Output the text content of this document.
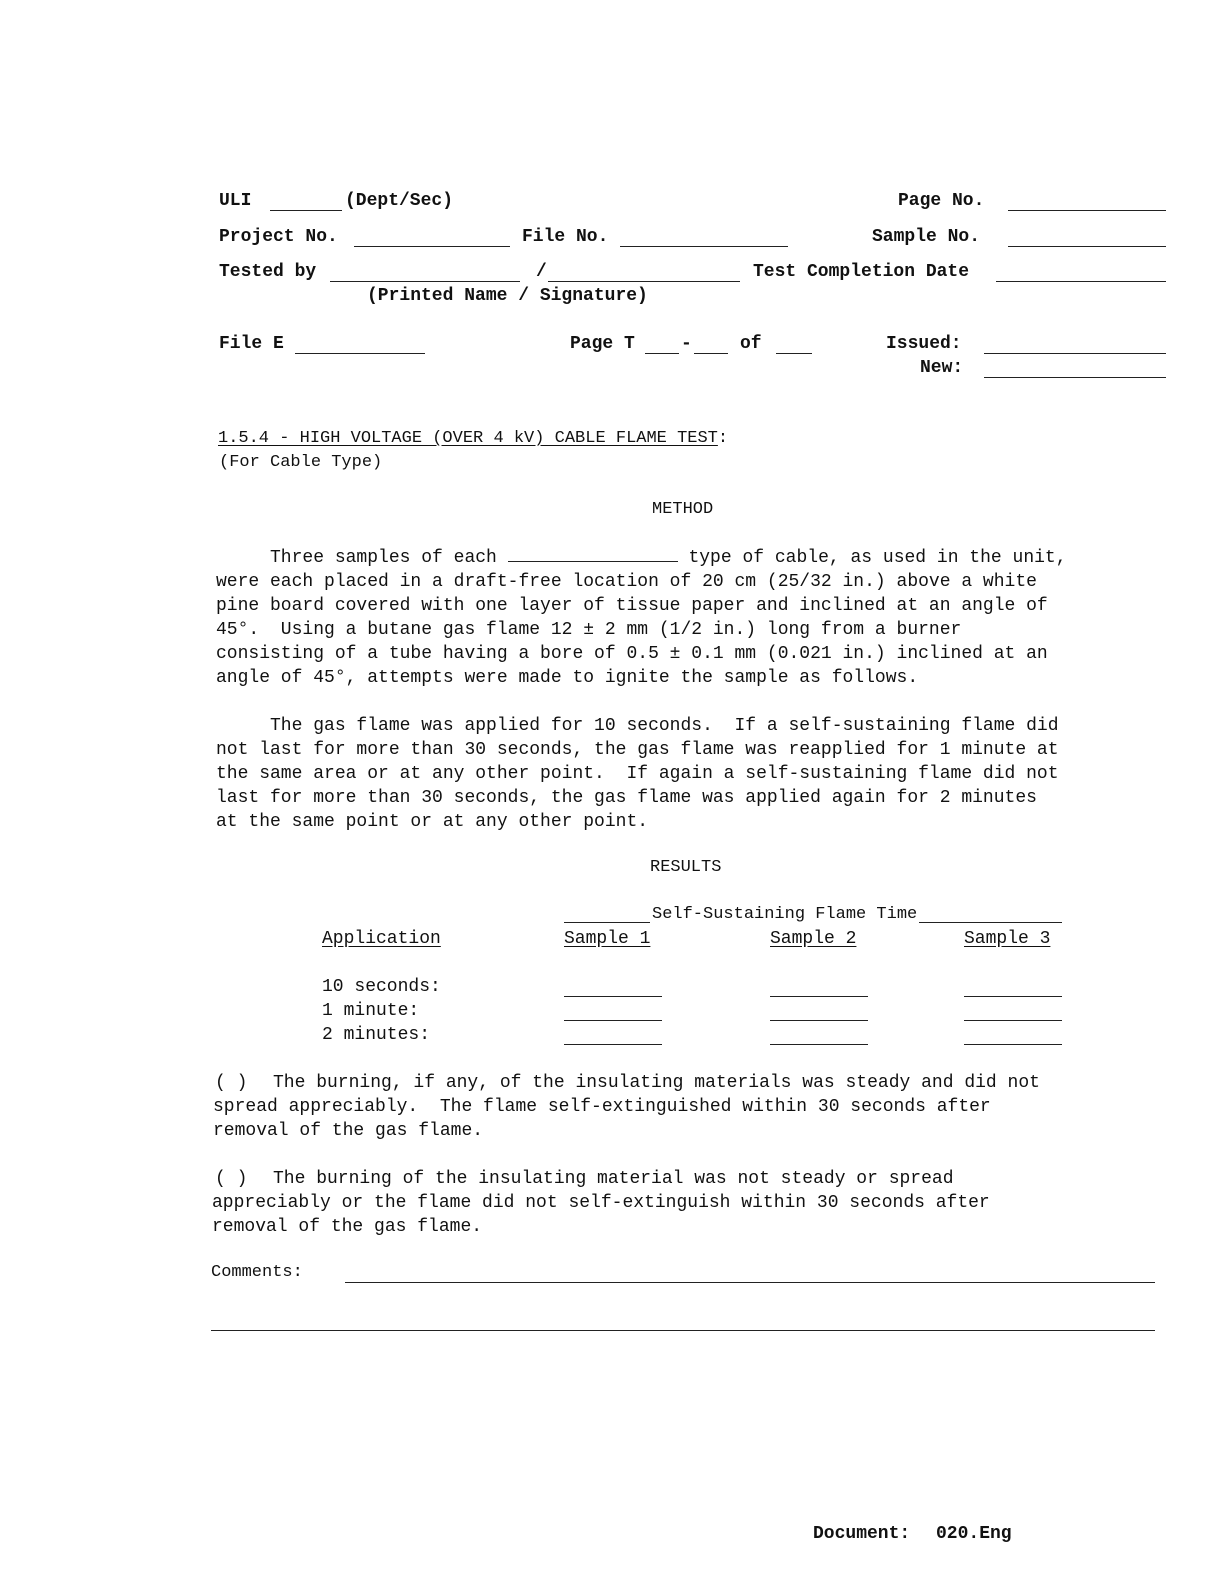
ULI	(Dept/Sec)	Page No.
Project No.	File No.	Sample No.
Tested by	/	Test Completion Date
(Printed Name / Signature)
File E	Page T	-	of	Issued:
New:
1.5.4 - HIGH VOLTAGE (OVER 4 kV) CABLE FLAME TEST:
(For Cable Type)
METHOD

Three samples of each	type of cable, as used in the unit,

were each placed in a draft-free location of 20 cm (25/32 in.) above a white

pine board covered with one layer of tissue paper and inclined at an angle of

45°.  Using a butane gas flame 12 ± 2 mm (1/2 in.) long from a burner

consisting of a tube having a bore of 0.5 ± 0.1 mm (0.021 in.) inclined at an

angle of 45°, attempts were made to ignite the sample as follows.

The gas flame was applied for 10 seconds.  If a self-sustaining flame did

not last for more than 30 seconds, the gas flame was reapplied for 1 minute at

the same area or at any other point.  If again a self-sustaining flame did not

last for more than 30 seconds, the gas flame was applied again for 2 minutes

at the same point or at any other point.

RESULTS
Self-Sustaining Flame Time
Application	Sample 1	Sample 2	Sample 3
10 seconds:
1 minute:
2 minutes:
( ) The burning, if any, of the insulating materials was steady and did not

spread appreciably.  The flame self-extinguished within 30 seconds after

removal of the gas flame.

( ) The burning of the insulating material was not steady or spread

appreciably or the flame did not self-extinguish within 30 seconds after

removal of the gas flame.

Comments:
Document: 020.Eng
